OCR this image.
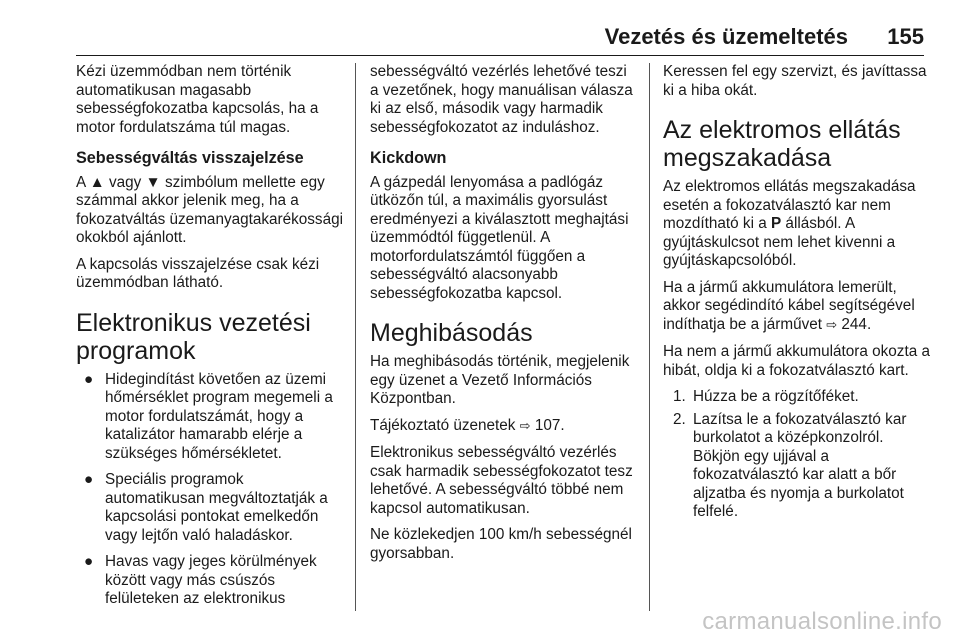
Vezetés és üzemeltetés 155

Kézi üzemmódban nem történik automatikusan magasabb sebességfokozatba kapcsolás, ha a motor fordulatszáma túl magas.

Sebességváltás visszajelzése

A ▲ vagy ▼ szimbólum mellette egy számmal akkor jelenik meg, ha a fokozatváltás üzemanyagtakarékossági okokból ajánlott.

A kapcsolás visszajelzése csak kézi üzemmódban látható.

Elektronikus vezetési programok
● Hidegindítást követően az üzemi hőmérséklet program megemeli a motor fordulatszámát, hogy a katalizátor hamarabb elérje a szükséges hőmérsékletet.
● Speciális programok automatikusan megváltoztatják a kapcsolási pontokat emelkedőn vagy lejtőn való haladáskor.
● Havas vagy jeges körülmények között vagy más csúszós felületeken az elektronikus

sebességváltó vezérlés lehetővé teszi a vezetőnek, hogy manuálisan válasza ki az első, második vagy harmadik sebességfokozatot az induláshoz.

Kickdown

A gázpedál lenyomása a padlógáz ütközőn túl, a maximális gyorsulást eredményezi a kiválasztott meghajtási üzemmódtól függetlenül. A motorfordulatszámtól függően a sebességváltó alacsonyabb sebességfokozatba kapcsol.

Meghibásodás

Ha meghibásodás történik, megjelenik egy üzenet a Vezető Információs Központban.

Tájékoztató üzenetek ⇨ 107.

Elektronikus sebességváltó vezérlés csak harmadik sebességfokozatot tesz lehetővé. A sebességváltó többé nem kapcsol automatikusan.

Ne közlekedjen 100 km/h sebességnél gyorsabban.

Keressen fel egy szervizt, és javíttassa ki a hiba okát.

Az elektromos ellátás megszakadása

Az elektromos ellátás megszakadása esetén a fokozatválasztó kar nem mozdítható ki a P állásból. A gyújtáskulcsot nem lehet kivenni a gyújtáskapcsolóból.

Ha a jármű akkumulátora lemerült, akkor segédindító kábel segítségével indíthatja be a járművet ⇨ 244.

Ha nem a jármű akkumulátora okozta a hibát, oldja ki a fokozatválasztó kart.

1. Húzza be a rögzítőféket.
2. Lazítsa le a fokozatválasztó kar burkolatot a középkonzolról. Bökjön egy ujjával a fokozatválasztó kar alatt a bőr aljzatba és nyomja a burkolatot felfelé.
carmanualsonline.info
